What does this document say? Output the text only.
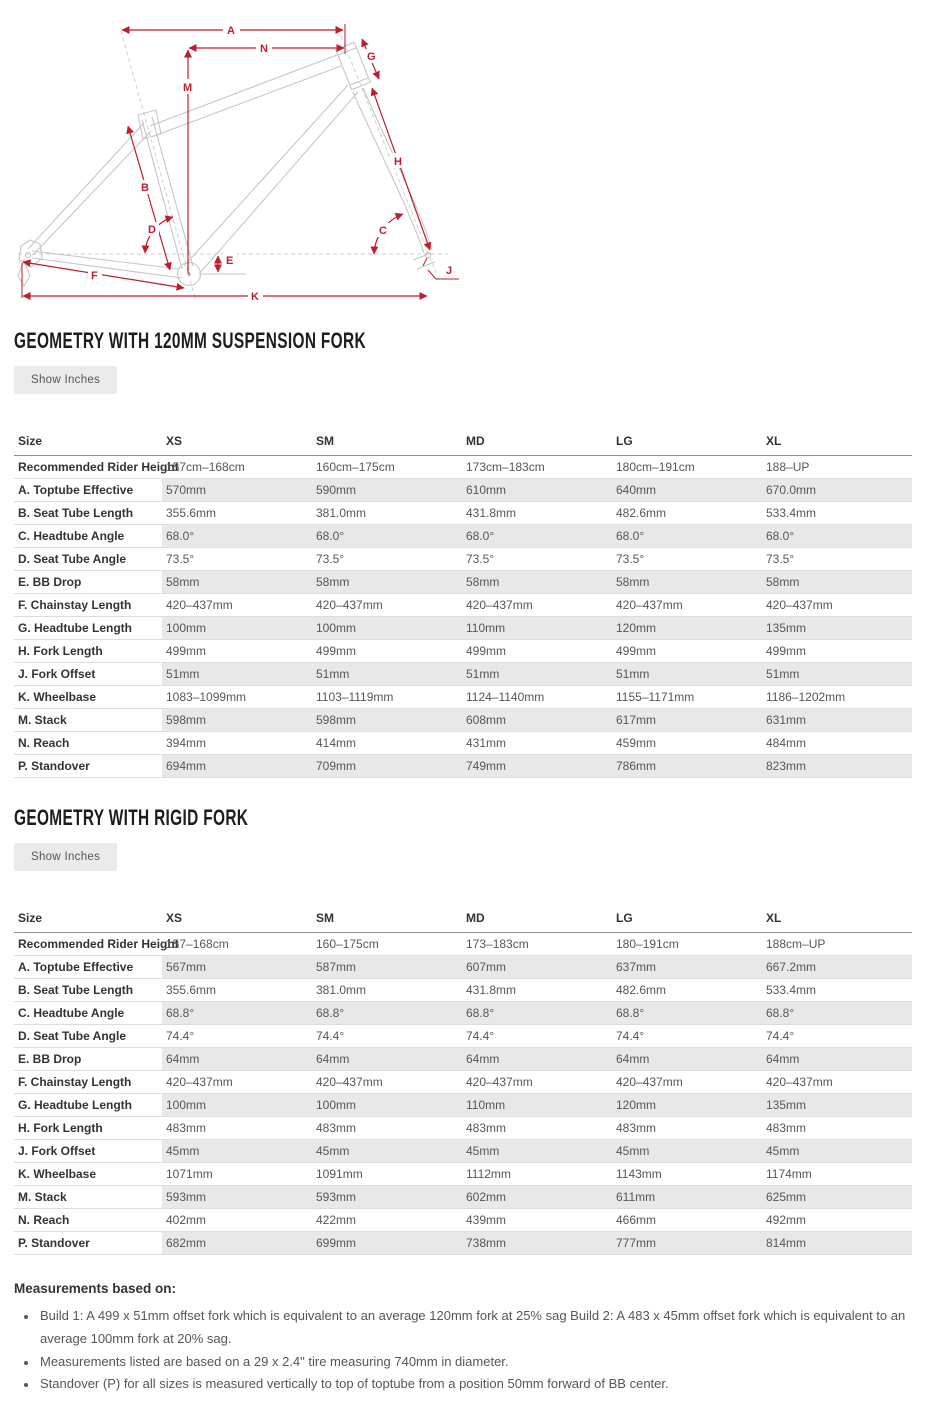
A
N
M
G
B
D	C
E
H
F
K
J
GEOMETRY WITH 120MM SUSPENSION FORK
Show Inches
Size	XS	SM	MD	LG	XL
Recommended Rider Height	157cm–168cm	160cm–175cm	173cm–183cm	180cm–191cm	188–UP
A. Toptube Effective	570mm	590mm	610mm	640mm	670.0mm
B. Seat Tube Length	355.6mm	381.0mm	431.8mm	482.6mm	533.4mm
C. Headtube Angle	68.0°	68.0°	68.0°	68.0°	68.0°
D. Seat Tube Angle	73.5°	73.5°	73.5°	73.5°	73.5°
E. BB Drop	58mm	58mm	58mm	58mm	58mm
F. Chainstay Length	420–437mm	420–437mm	420–437mm	420–437mm	420–437mm
G. Headtube Length	100mm	100mm	110mm	120mm	135mm
H. Fork Length	499mm	499mm	499mm	499mm	499mm
J. Fork Offset	51mm	51mm	51mm	51mm	51mm
K. Wheelbase	1083–1099mm	1103–1119mm	1124–1140mm	1155–1171mm	1186–1202mm
M. Stack	598mm	598mm	608mm	617mm	631mm
N. Reach	394mm	414mm	431mm	459mm	484mm
P. Standover	694mm	709mm	749mm	786mm	823mm
GEOMETRY WITH RIGID FORK
Show Inches
Size	XS	SM	MD	LG	XL
Recommended Rider Height	157–168cm	160–175cm	173–183cm	180–191cm	188cm–UP
A. Toptube Effective	567mm	587mm	607mm	637mm	667.2mm
B. Seat Tube Length	355.6mm	381.0mm	431.8mm	482.6mm	533.4mm
C. Headtube Angle	68.8°	68.8°	68.8°	68.8°	68.8°
D. Seat Tube Angle	74.4°	74.4°	74.4°	74.4°	74.4°
E. BB Drop	64mm	64mm	64mm	64mm	64mm
F. Chainstay Length	420–437mm	420–437mm	420–437mm	420–437mm	420–437mm
G. Headtube Length	100mm	100mm	110mm	120mm	135mm
H. Fork Length	483mm	483mm	483mm	483mm	483mm
J. Fork Offset	45mm	45mm	45mm	45mm	45mm
K. Wheelbase	1071mm	1091mm	1112mm	1143mm	1174mm
M. Stack	593mm	593mm	602mm	611mm	625mm
N. Reach	402mm	422mm	439mm	466mm	492mm
P. Standover	682mm	699mm	738mm	777mm	814mm

Measurements based on:

• Build 1: A 499 x 51mm offset fork which is equivalent to an average 120mm fork at 25% sag Build 2: A 483 x 45mm offset fork which is equivalent to an average 100mm fork at 20% sag.
• Measurements listed are based on a 29 x 2.4" tire measuring 740mm in diameter.
• Standover (P) for all sizes is measured vertically to top of toptube from a position 50mm forward of BB center.
